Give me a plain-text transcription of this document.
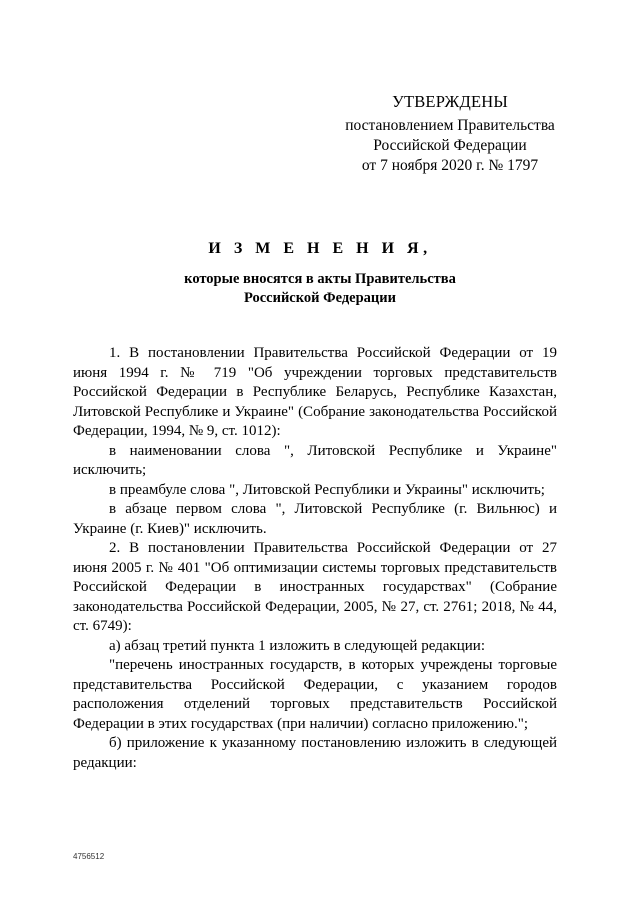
УТВЕРЖДЕНЫ
постановлением Правительства
Российской Федерации
от 7 ноября 2020 г. № 1797
И З М Е Н Е Н И Я,
которые вносятся в акты Правительства
Российской Федерации

1. В постановлении Правительства Российской Федерации от 19 июня 1994 г. № 719 "Об учреждении торговых представительств Российской Федерации в Республике Беларусь, Республике Казахстан, Литовской Республике и Украине" (Собрание законодательства Российской Федерации, 1994, № 9, ст. 1012):

в наименовании слова ", Литовской Республике и Украине" исключить;

в преамбуле слова ", Литовской Республики и Украины" исключить;

в абзаце первом слова ", Литовской Республике (г. Вильнюс) и Украине (г. Киев)" исключить.

2. В постановлении Правительства Российской Федерации от 27 июня 2005 г. № 401 "Об оптимизации системы торговых представительств Российской Федерации в иностранных государствах" (Собрание законодательства Российской Федерации, 2005, № 27, ст. 2761; 2018, № 44, ст. 6749):

а) абзац третий пункта 1 изложить в следующей редакции:

"перечень иностранных государств, в которых учреждены торговые представительства Российской Федерации, с указанием городов расположения отделений торговых представительств Российской Федерации в этих государствах (при наличии) согласно приложению.";

б) приложение к указанному постановлению изложить в следующей редакции:

4756512
